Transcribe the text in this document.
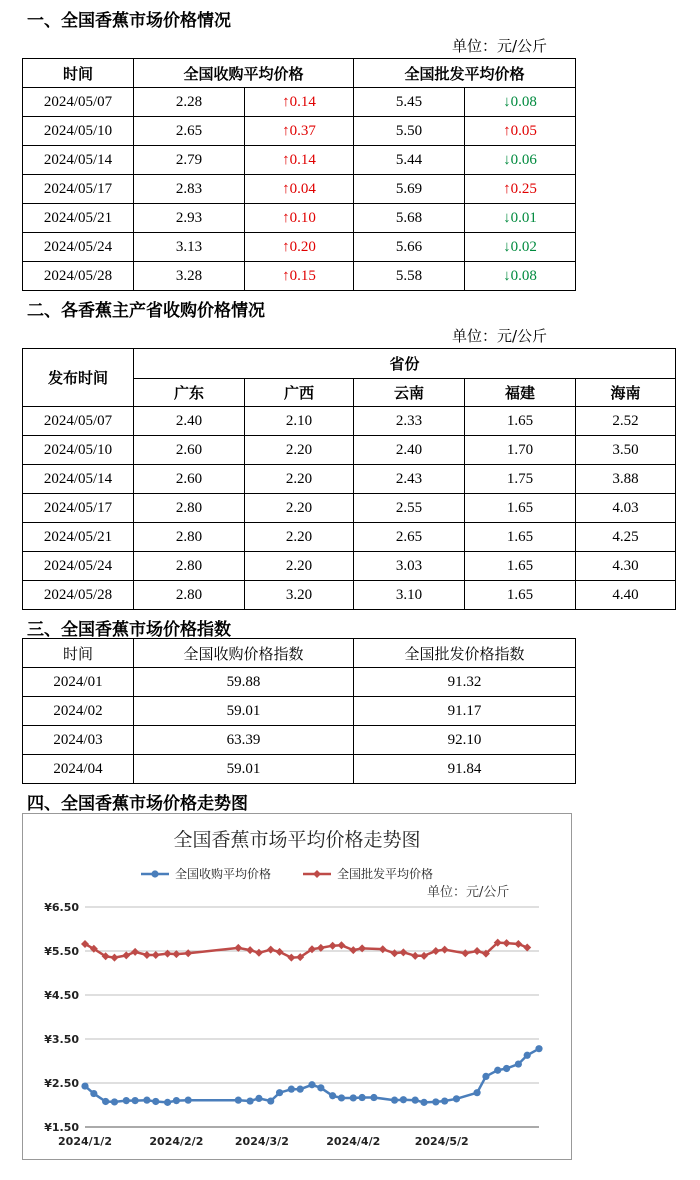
一、全国香蕉市场价格情况
单位：元/公斤
时间	全国收购平均价格		全国批发平均价格	
2024/05/07	2.28	↑0.14	5.45	↓0.08
2024/05/10	2.65	↑0.37	5.50	↑0.05
2024/05/14	2.79	↑0.14	5.44	↓0.06
2024/05/17	2.83	↑0.04	5.69	↑0.25
2024/05/21	2.93	↑0.10	5.68	↓0.01
2024/05/24	3.13	↑0.20	5.66	↓0.02
2024/05/28	3.28	↑0.15	5.58	↓0.08
二、各香蕉主产省收购价格情况
单位：元/公斤
发布时间	省份				
	广东	广西	云南	福建	海南
2024/05/07	2.40	2.10	2.33	1.65	2.52
2024/05/10	2.60	2.20	2.40	1.70	3.50
2024/05/14	2.60	2.20	2.43	1.75	3.88
2024/05/17	2.80	2.20	2.55	1.65	4.03
2024/05/21	2.80	2.20	2.65	1.65	4.25
2024/05/24	2.80	2.20	3.03	1.65	4.30
2024/05/28	2.80	3.20	3.10	1.65	4.40
三、全国香蕉市场价格指数
时间	全国收购价格指数	全国批发价格指数
2024/01	59.88	91.32
2024/02	59.01	91.17
2024/03	63.39	92.10
2024/04	59.01	91.84
四、全国香蕉市场价格走势图
全国香蕉市场平均价格走势图
全国收购平均价格	全国批发平均价格
单位：元/公斤
¥1.50
¥2.50
¥3.50
¥4.50
¥5.50
¥6.50
2024/1/2	2024/2/2	2024/3/2	2024/4/2	2024/5/2
